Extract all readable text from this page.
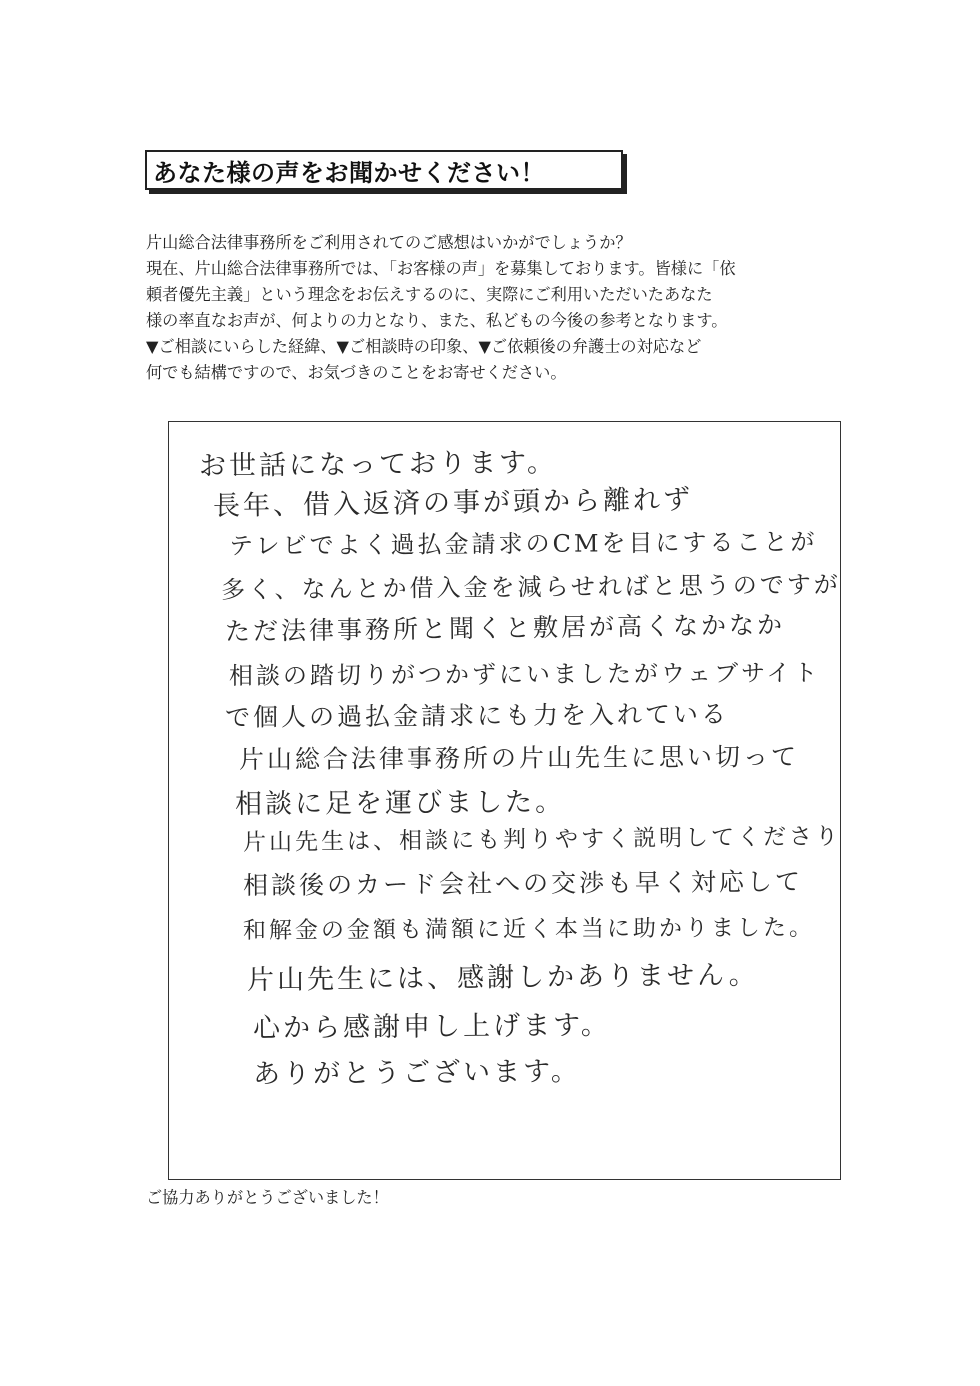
あなた様の声をお聞かせください！
片山総合法律事務所をご利用されてのご感想はいかがでしょうか？
現在、片山総合法律事務所では、「お客様の声」を募集しております。皆様に「依
頼者優先主義」という理念をお伝えするのに、実際にご利用いただいたあなた
様の率直なお声が、何よりの力となり、また、私どもの今後の参考となります。
▼ご相談にいらした経緯、▼ご相談時の印象、▼ご依頼後の弁護士の対応など
何でも結構ですので、お気づきのことをお寄せください。
お世話になっております。
長年、借入返済の事が頭から離れず
テレビでよく過払金請求のCMを目にすることが
多く、なんとか借入金を減らせればと思うのですが
ただ法律事務所と聞くと敷居が高くなかなか
相談の踏切りがつかずにいましたがウェブサイト
で個人の過払金請求にも力を入れている
片山総合法律事務所の片山先生に思い切って
相談に足を運びました。
片山先生は、相談にも判りやすく説明してくださり
相談後のカード会社への交渉も早く対応して
和解金の金額も満額に近く本当に助かりました。
片山先生には、感謝しかありません。
心から感謝申し上げます。
ありがとうございます。
ご協力ありがとうございました！
